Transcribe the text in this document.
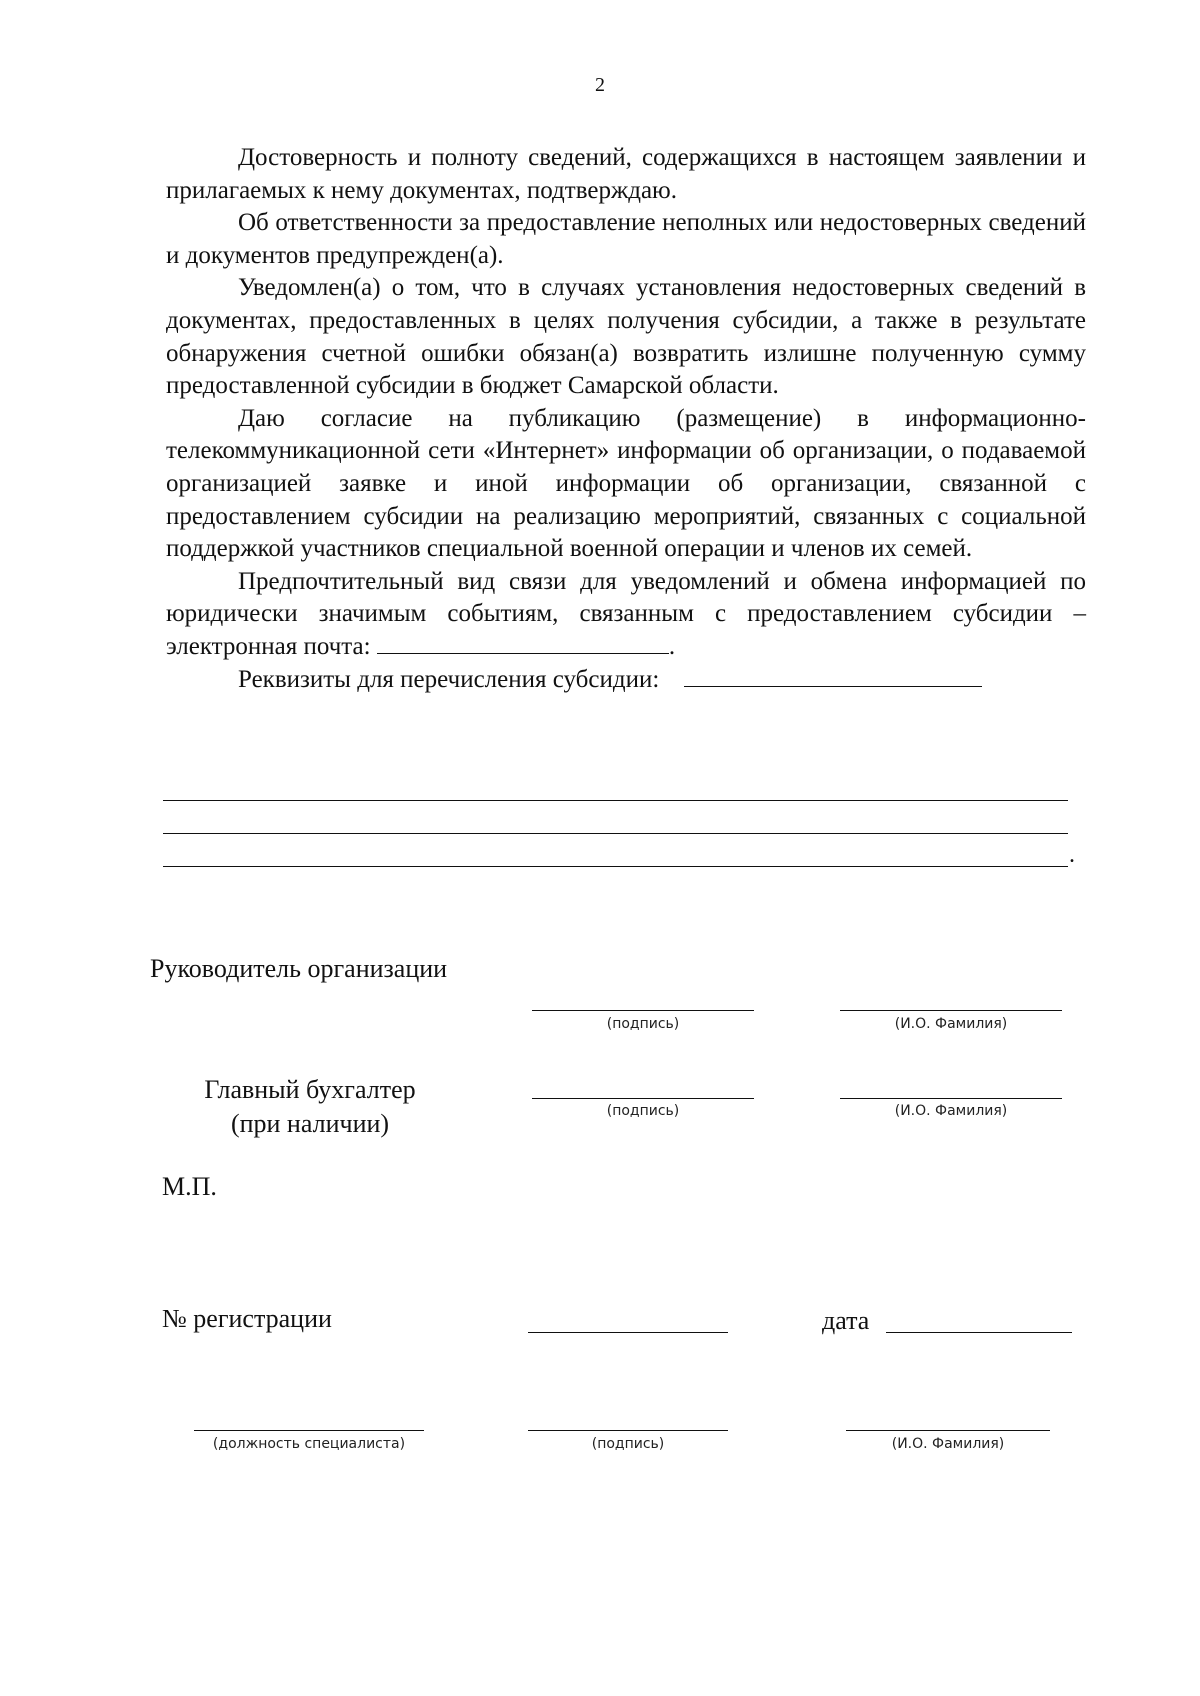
2

Достоверность и полноту сведений, содержащихся в настоящем заявлении и прилагаемых к нему документах, подтверждаю.

Об ответственности за предоставление неполных или недостоверных сведений и документов предупрежден(а).

Уведомлен(а) о том, что в случаях установления недостоверных сведений в документах, предоставленных в целях получения субсидии, а также в результате обнаружения счетной ошибки обязан(а) возвратить излишне полученную сумму предоставленной субсидии в бюджет Самарской области.

Даю согласие на публикацию (размещение) в информационно-телекоммуникационной сети «Интернет» информации об организации, о подаваемой организацией заявке и иной информации об организации, связанной с предоставлением субсидии на реализацию мероприятий, связанных с социальной поддержкой участников специальной военной операции и членов их семей.

Предпочтительный вид связи для уведомлений и обмена информацией по юридически значимым событиям, связанным с предоставлением субсидии – электронная почта:	.

Реквизиты для перечисления субсидии:

.
Руководитель организации
(подпись)	(И.О. Фамилия)
Главный бухгалтер
(при наличии)	(подпись)	(И.О. Фамилия)
М.П.
№ регистрации	дата
(должность специалиста)	(подпись)	(И.О. Фамилия)
